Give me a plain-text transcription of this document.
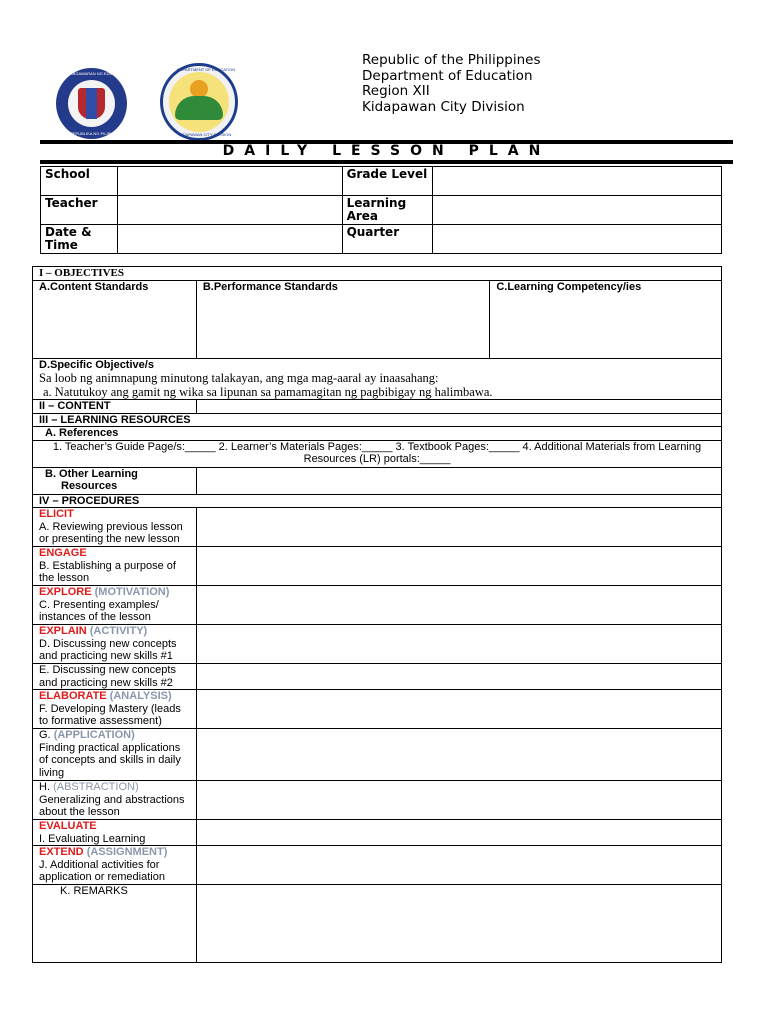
KAGAWARAN NG EDUKASYON
REPUBLIKA NG PILIPINAS
DEPARTMENT OF EDUCATION
KIDAPAWAN CITY DIVISION
Republic of the Philippines
Department of Education
Region XII
Kidapawan City Division
DAILY LESSON PLAN
School		Grade Level	
Teacher		Learning Area	
Date & Time		Quarter	
I – OBJECTIVES		
A.Content Standards	B.Performance Standards	C.Learning Competency/ies

D.Specific Objective/s
Sa loob ng animnapung minutong talakayan, ang mga mag-aaral ay inaasahang:
a. Natutukoy ang gamit ng wika sa lipunan sa pamamagitan ng pagbibigay ng halimbawa.		

II – CONTENT		
III – LEARNING RESOURCES		
A. References		

1. Teacher’s Guide Page/s:_____ 2. Learner’s Materials Pages:_____ 3. Textbook Pages:_____ 4. Additional Materials from Learning
Resources (LR) portals:_____		

B. Other Learning
Resources		

IV – PROCEDURES		

ELICIT
A. Reviewing previous lesson or presenting the new lesson		

ENGAGE
B. Establishing a purpose of the lesson		

EXPLORE (MOTIVATION)
C. Presenting examples/ instances of the lesson		

EXPLAIN (ACTIVITY)
D. Discussing new concepts and practicing new skills #1		

E. Discussing new concepts and practicing new skills #2		

ELABORATE (ANALYSIS)
F. Developing Mastery (leads to formative assessment)		

G. (APPLICATION)
Finding practical applications of concepts and skills in daily living		

H. (ABSTRACTION)
Generalizing and abstractions about the lesson		

EVALUATE
I. Evaluating Learning		

EXTEND (ASSIGNMENT)
J. Additional activities for application or remediation		

K. REMARKS		
